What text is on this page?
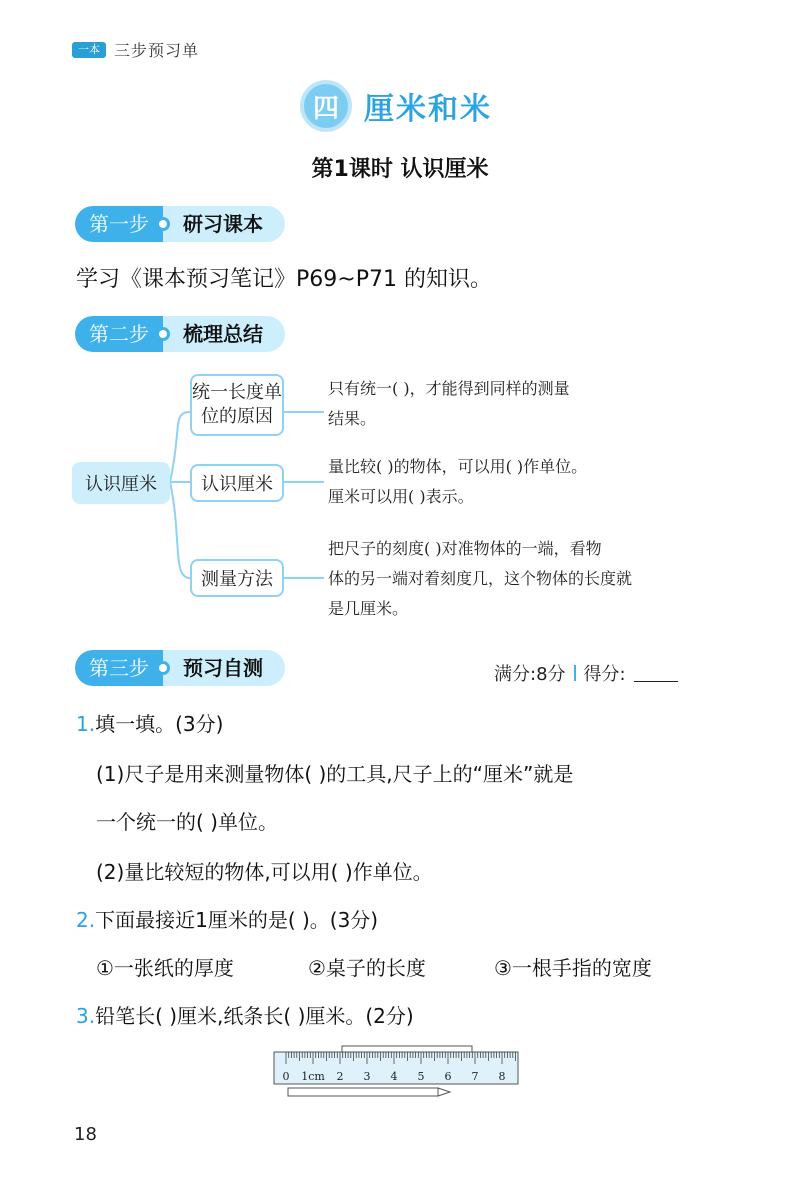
一本 三步预习单
四 厘米和米
第1课时 认识厘米
第一步	研习课本
学习《课本预习笔记》P69~P71 的知识。
第二步	梳理总结
认识厘米
统一长度单
位的原因
认识厘米
测量方法
只有统一( )，才能得到同样的测量
结果。
量比较( )的物体，可以用( )作单位。
厘米可以用( )表示。
把尺子的刻度( )对准物体的一端，看物
体的另一端对着刻度几，这个物体的长度就
是几厘米。
第三步	预习自测	满分:8分 得分:
1.填一填。(3分)
(1)尺子是用来测量物体( )的工具,尺子上的“厘米”就是
一个统一的( )单位。
(2)量比较短的物体,可以用( )作单位。
2.下面最接近1厘米的是( )。(3分)
①一张纸的厚度	②桌子的长度	③一根手指的宽度
3.铅笔长( )厘米,纸条长( )厘米。(2分)
0 1cm 2 3 4 5 6 7 8
18
